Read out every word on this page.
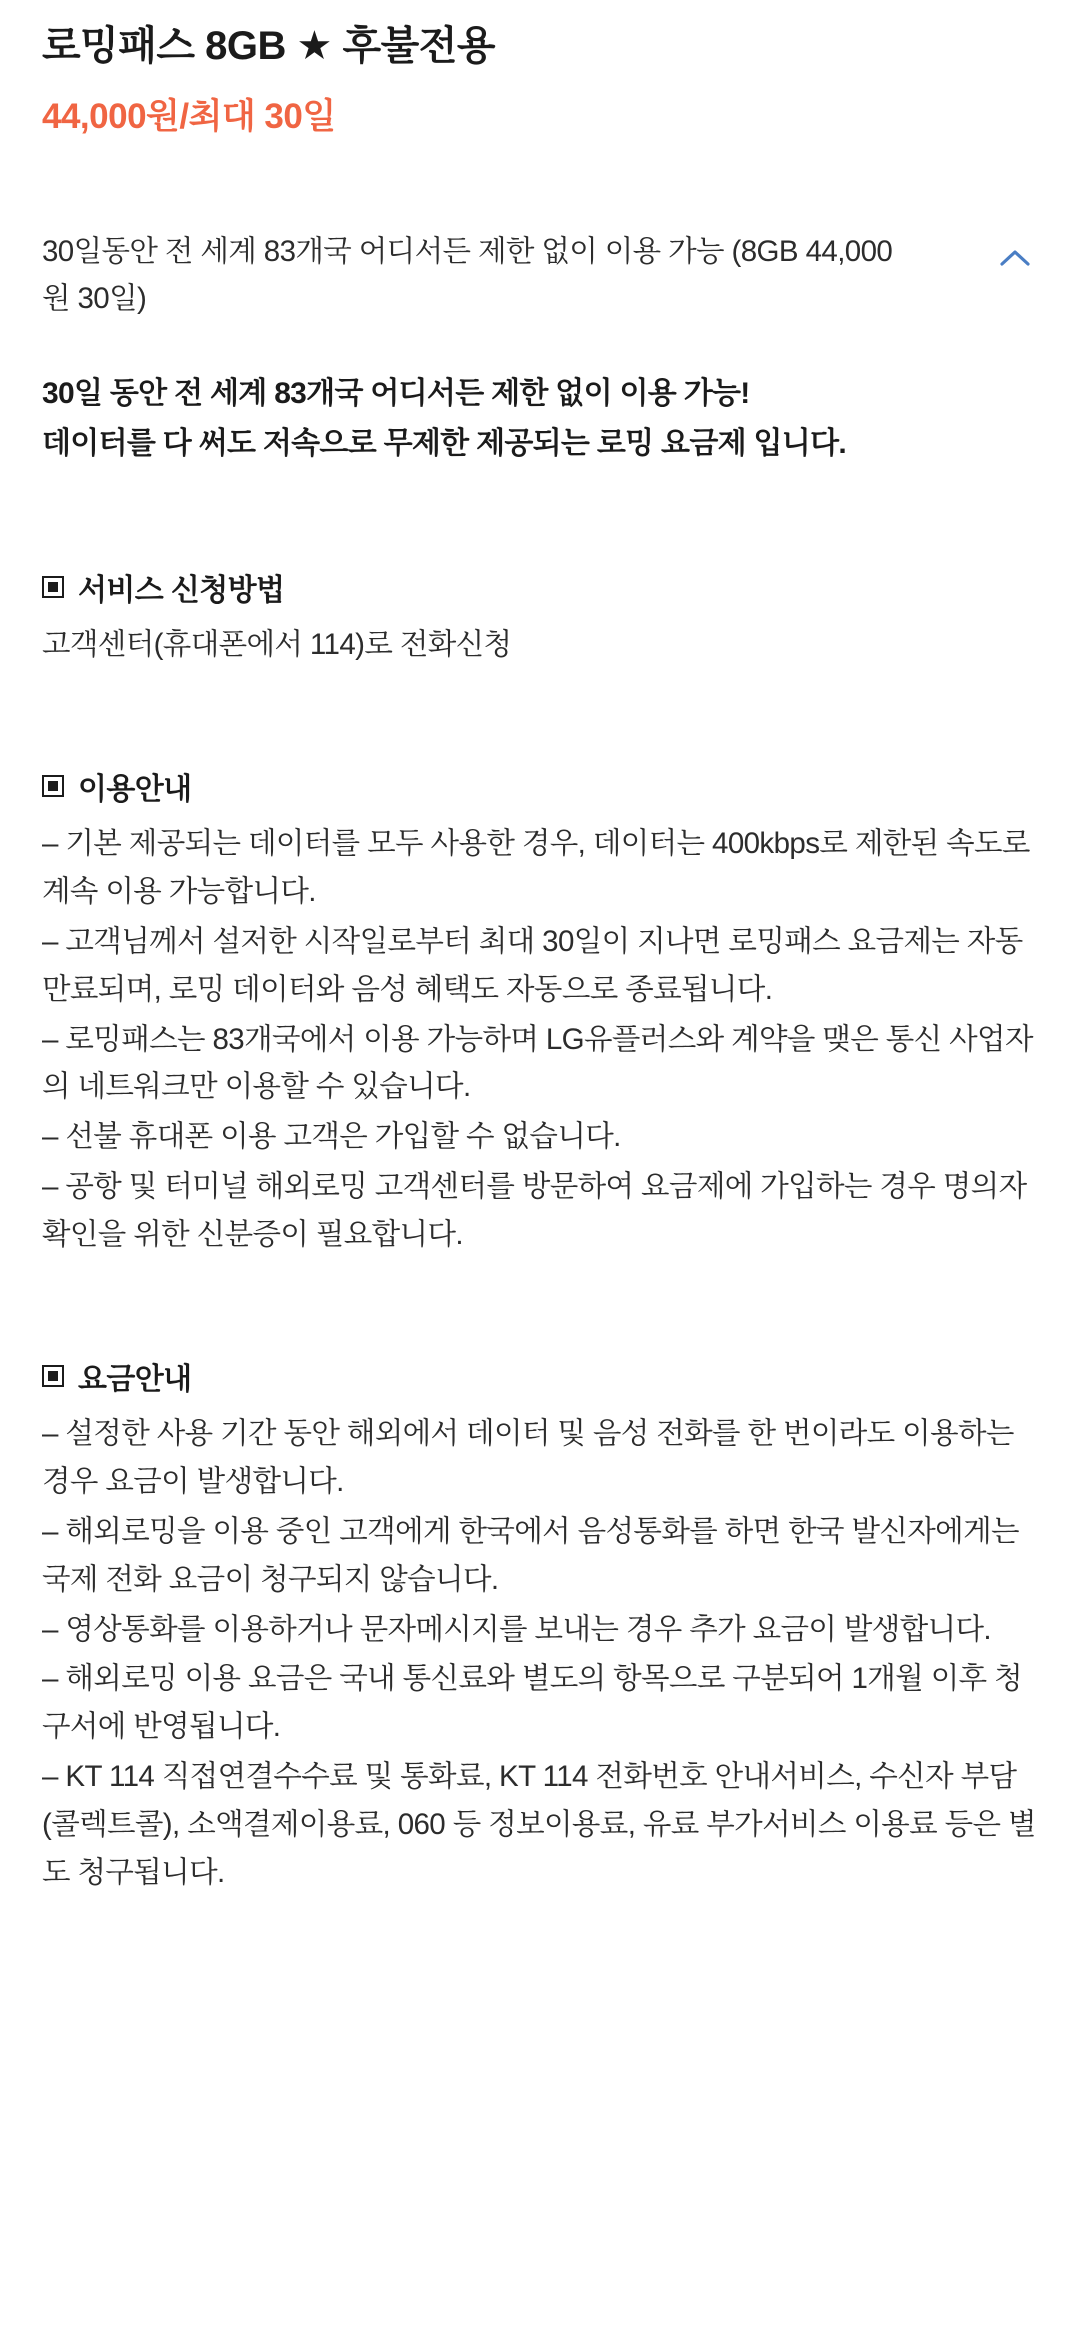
로밍패스 8GB ★ 후불전용
44,000원/최대 30일
30일동안 전 세계 83개국 어디서든 제한 없이 이용 가능 (8GB 44,000원 30일)
30일 동안 전 세계 83개국 어디서든 제한 없이 이용 가능!
데이터를 다 써도 저속으로 무제한 제공되는 로밍 요금제 입니다.
서비스 신청방법

고객센터(휴대폰에서 114)로 전화신청

이용안내
– 기본 제공되는 데이터를 모두 사용한 경우, 데이터는 400kbps로 제한된 속도로 계속 이용 가능합니다.
– 고객님께서 설저한 시작일로부터 최대 30일이 지나면 로밍패스 요금제는 자동 만료되며, 로밍 데이터와 음성 혜택도 자동으로 종료됩니다.
– 로밍패스는 83개국에서 이용 가능하며 LG유플러스와 계약을 맺은 통신 사업자의 네트워크만 이용할 수 있습니다.
– 선불 휴대폰 이용 고객은 가입할 수 없습니다.
– 공항 및 터미널 해외로밍 고객센터를 방문하여 요금제에 가입하는 경우 명의자 확인을 위한 신분증이 필요합니다.
요금안내
– 설정한 사용 기간 동안 해외에서 데이터 및 음성 전화를 한 번이라도 이용하는 경우 요금이 발생합니다.
– 해외로밍을 이용 중인 고객에게 한국에서 음성통화를 하면 한국 발신자에게는 국제 전화 요금이 청구되지 않습니다.
– 영상통화를 이용하거나 문자메시지를 보내는 경우 추가 요금이 발생합니다.
– 해외로밍 이용 요금은 국내 통신료와 별도의 항목으로 구분되어 1개월 이후 청구서에 반영됩니다.
– KT 114 직접연결수수료 및 통화료, KT 114 전화번호 안내서비스, 수신자 부담(콜렉트콜), 소액결제이용료, 060 등 정보이용료, 유료 부가서비스 이용료 등은 별도 청구됩니다.
